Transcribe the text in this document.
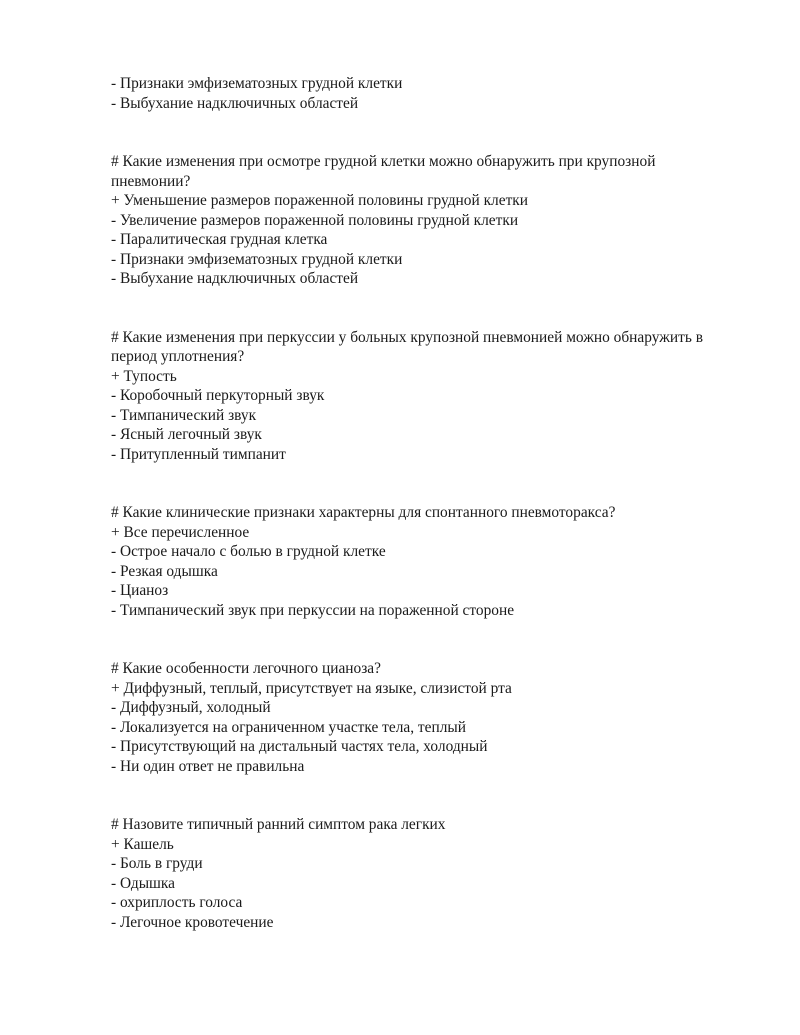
- Признаки эмфизематозных грудной клетки
- Выбухание надключичных областей
# Какие изменения при осмотре грудной клетки можно обнаружить при крупозной пневмонии?
+ Уменьшение размеров пораженной половины грудной клетки
- Увеличение размеров пораженной половины грудной клетки
- Паралитическая грудная клетка
- Признаки эмфизематозных грудной клетки
- Выбухание надключичных областей
# Какие изменения при перкуссии у больных крупозной пневмонией можно обнаружить в период уплотнения?
+ Тупость
- Коробочный перкуторный звук
- Тимпанический звук
- Ясный легочный звук
- Притупленный тимпанит
# Какие клинические признаки характерны для спонтанного пневмоторакса?
+ Все перечисленное
- Острое начало с болью в грудной клетке
- Резкая одышка
- Цианоз
- Тимпанический звук при перкуссии на пораженной стороне
# Какие особенности легочного цианоза?
+ Диффузный, теплый, присутствует на языке, слизистой рта
- Диффузный, холодный
- Локализуется на ограниченном участке тела, теплый
- Присутствующий на дистальный частях тела, холодный
- Ни один ответ не правильна
# Назовите типичный ранний симптом рака легких
+ Кашель
- Боль в груди
- Одышка
- охриплость голоса
- Легочное кровотечение
